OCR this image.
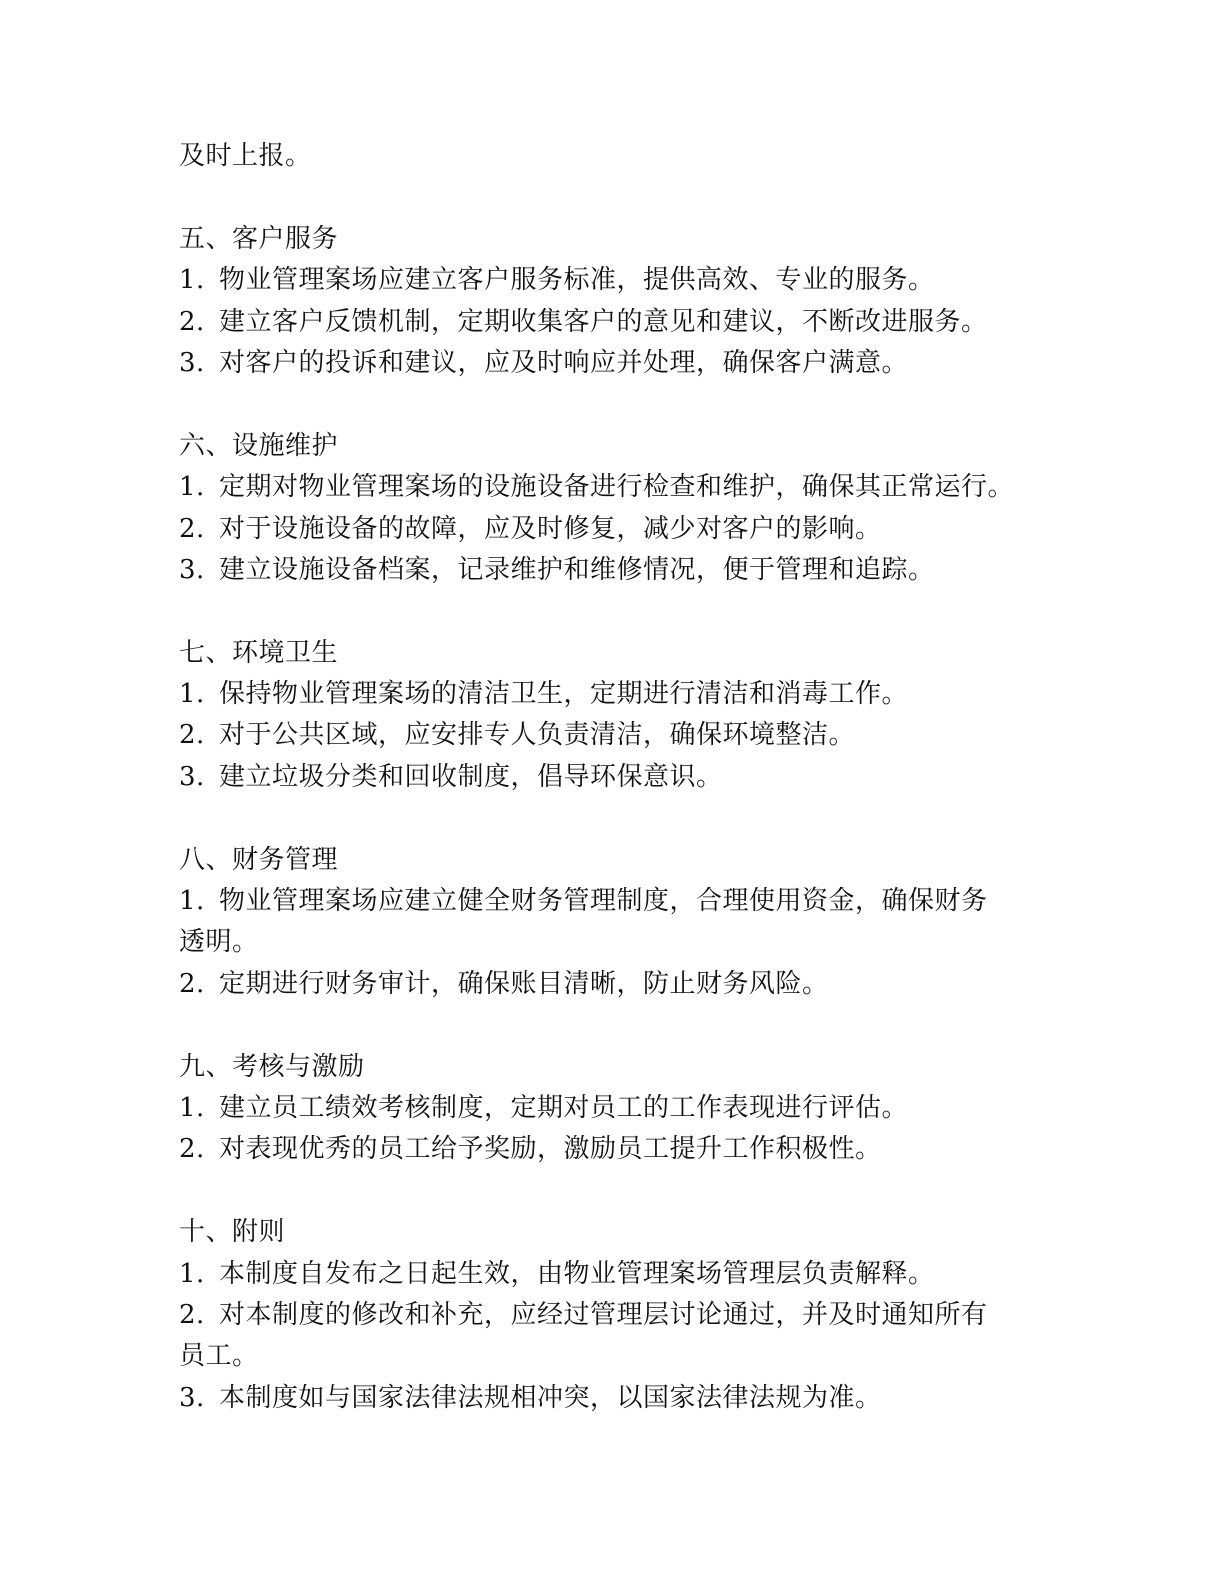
及时上报。
五、客户服务
1. 物业管理案场应建立客户服务标准，提供高效、专业的服务。
2. 建立客户反馈机制，定期收集客户的意见和建议，不断改进服务。
3. 对客户的投诉和建议，应及时响应并处理，确保客户满意。
六、设施维护
1. 定期对物业管理案场的设施设备进行检查和维护，确保其正常运行。
2. 对于设施设备的故障，应及时修复，减少对客户的影响。
3. 建立设施设备档案，记录维护和维修情况，便于管理和追踪。
七、环境卫生
1. 保持物业管理案场的清洁卫生，定期进行清洁和消毒工作。
2. 对于公共区域，应安排专人负责清洁，确保环境整洁。
3. 建立垃圾分类和回收制度，倡导环保意识。
八、财务管理
1. 物业管理案场应建立健全财务管理制度，合理使用资金，确保财务
透明。
2. 定期进行财务审计，确保账目清晰，防止财务风险。
九、考核与激励
1. 建立员工绩效考核制度，定期对员工的工作表现进行评估。
2. 对表现优秀的员工给予奖励，激励员工提升工作积极性。
十、附则
1. 本制度自发布之日起生效，由物业管理案场管理层负责解释。
2. 对本制度的修改和补充，应经过管理层讨论通过，并及时通知所有
员工。
3. 本制度如与国家法律法规相冲突，以国家法律法规为准。
